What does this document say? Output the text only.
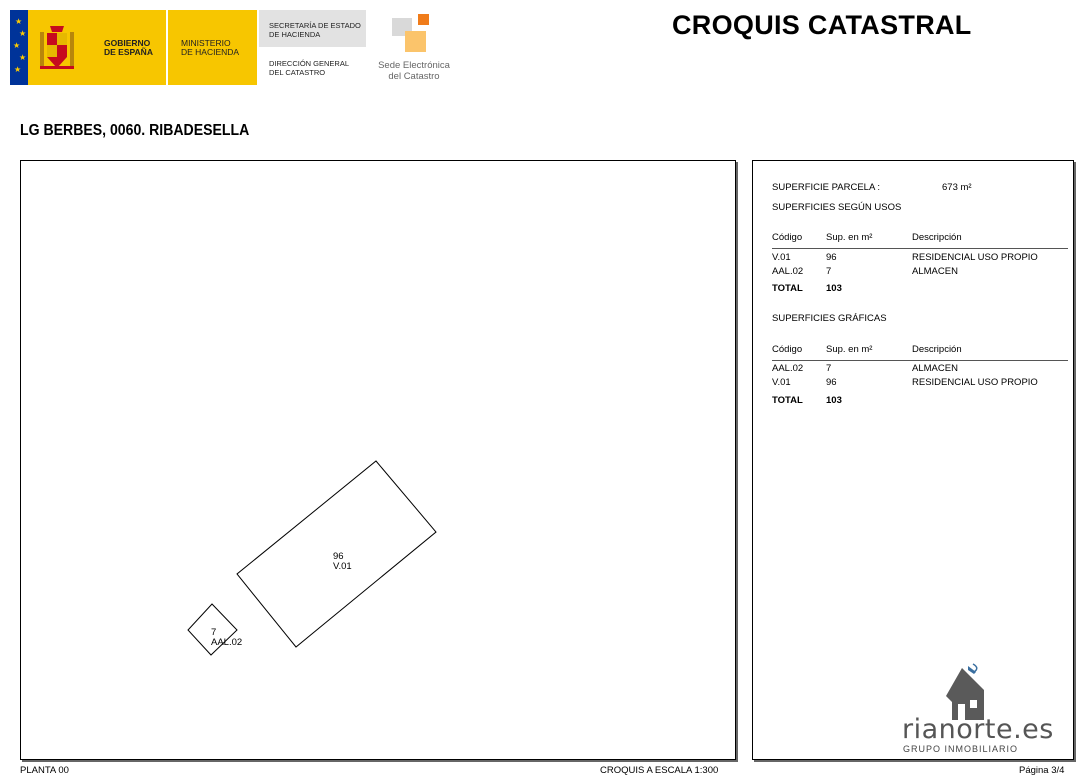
★
★
★
★
★
GOBIERNO
DE ESPAÑA
MINISTERIO
DE HACIENDA
SECRETARÍA DE ESTADO
DE HACIENDA
DIRECCIÓN GENERAL
DEL CATASTRO
Sede Electrónica
del Catastro
CROQUIS CATASTRAL
LG BERBES, 0060. RIBADESELLA
96
V.01
7
AAL.02
SUPERFICIE PARCELA :	673 m²
SUPERFICIES SEGÚN USOS
Código	Sup. en m²	Descripción
V.01	96	RESIDENCIAL USO PROPIO
AAL.02 7	ALMACEN
TOTAL 103
SUPERFICIES GRÁFICAS
Código	Sup. en m²	Descripción
AAL.02 7	ALMACEN
V.01	96	RESIDENCIAL USO PROPIO
TOTAL 103
rianorte.es
GRUPO INMOBILIARIO
PLANTA 00	CROQUIS A ESCALA 1:300	Página 3/4
